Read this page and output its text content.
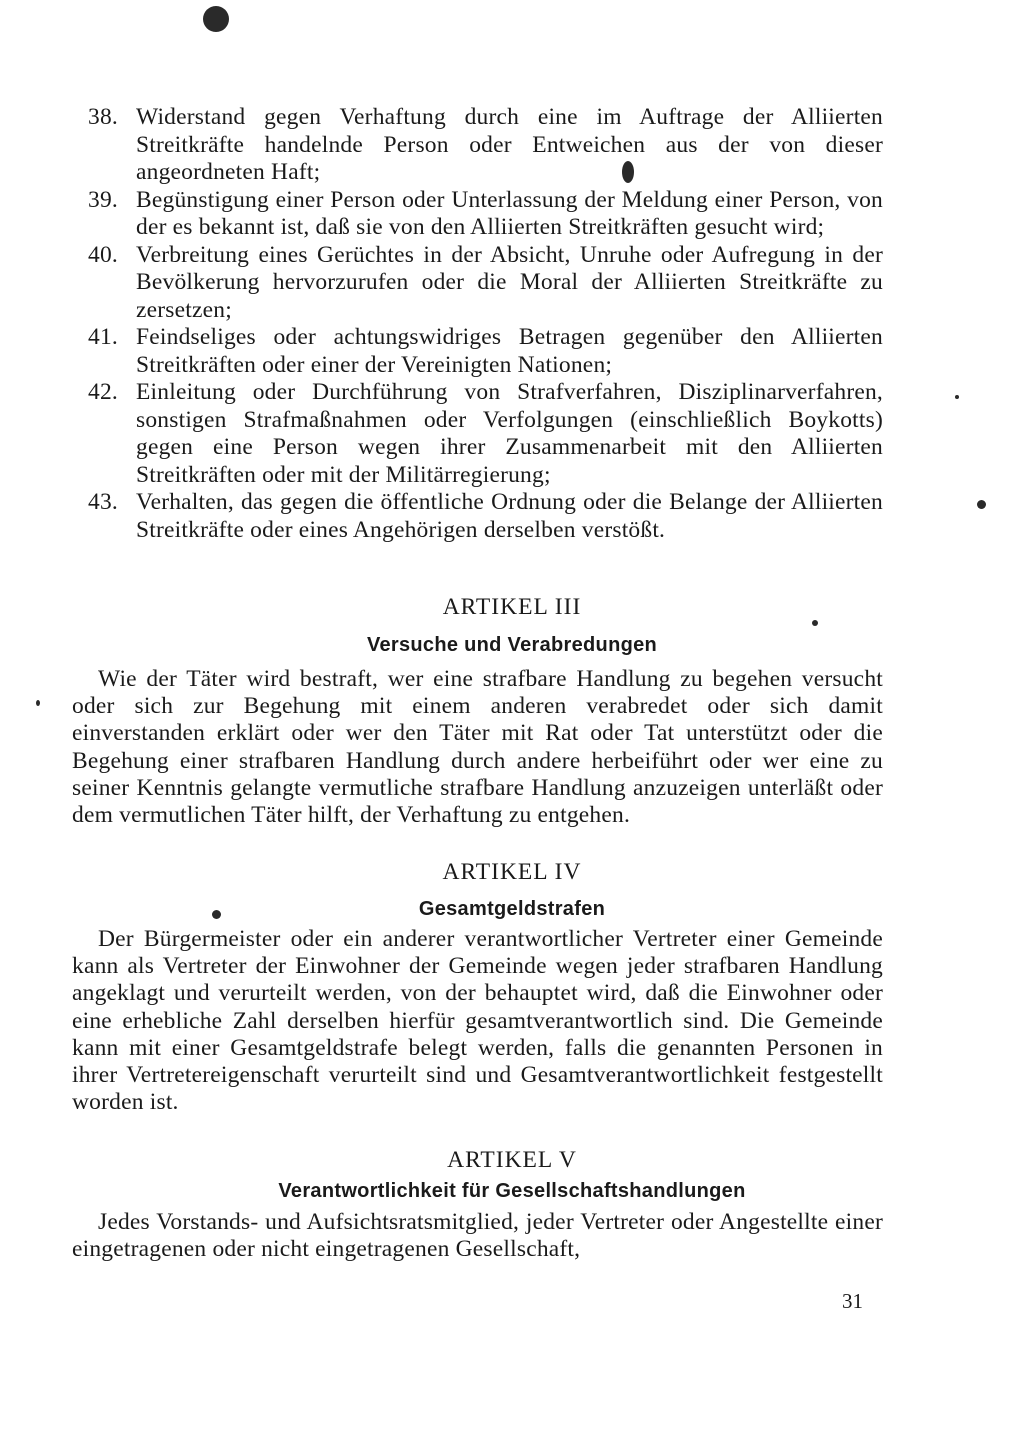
38. Widerstand gegen Verhaftung durch eine im Auftrage der Alliierten Streitkräfte handelnde Person oder Entweichen aus der von dieser angeordneten Haft;
39. Begünstigung einer Person oder Unterlassung der Meldung einer Person, von der es bekannt ist, daß sie von den Alliierten Streitkräften gesucht wird;
40. Verbreitung eines Gerüchtes in der Absicht, Unruhe oder Aufregung in der Bevölkerung hervorzurufen oder die Moral der Alliierten Streitkräfte zu zersetzen;
41. Feindseliges oder achtungswidriges Betragen gegenüber den Alliierten Streitkräften oder einer der Vereinigten Nationen;
42. Einleitung oder Durchführung von Strafverfahren, Disziplinarverfahren, sonstigen Strafmaßnahmen oder Verfolgungen (einschließlich Boykotts) gegen eine Person wegen ihrer Zusammenarbeit mit den Alliierten Streitkräften oder mit der Militärregierung;
43. Verhalten, das gegen die öffentliche Ordnung oder die Belange der Alliierten Streitkräfte oder eines Angehörigen derselben verstößt.
ARTIKEL III
Versuche und Verabredungen

Wie der Täter wird bestraft, wer eine strafbare Handlung zu begehen versucht oder sich zur Begehung mit einem anderen verabredet oder sich damit einverstanden erklärt oder wer den Täter mit Rat oder Tat unterstützt oder die Begehung einer strafbaren Handlung durch andere herbeiführt oder wer eine zu seiner Kenntnis gelangte vermutliche strafbare Handlung anzuzeigen unterläßt oder dem vermutlichen Täter hilft, der Verhaftung zu entgehen.

ARTIKEL IV
Gesamtgeldstrafen

Der Bürgermeister oder ein anderer verantwortlicher Vertreter einer Gemeinde kann als Vertreter der Einwohner der Gemeinde wegen jeder strafbaren Handlung angeklagt und verurteilt werden, von der behauptet wird, daß die Einwohner oder eine erhebliche Zahl derselben hierfür gesamtverantwortlich sind. Die Gemeinde kann mit einer Gesamtgeldstrafe belegt werden, falls die genannten Personen in ihrer Vertretereigenschaft verurteilt sind und Gesamtverantwortlichkeit festgestellt worden ist.

ARTIKEL V
Verantwortlichkeit für Gesellschaftshandlungen

Jedes Vorstands- und Aufsichtsratsmitglied, jeder Vertreter oder Angestellte einer eingetragenen oder nicht eingetragenen Gesellschaft,

31
